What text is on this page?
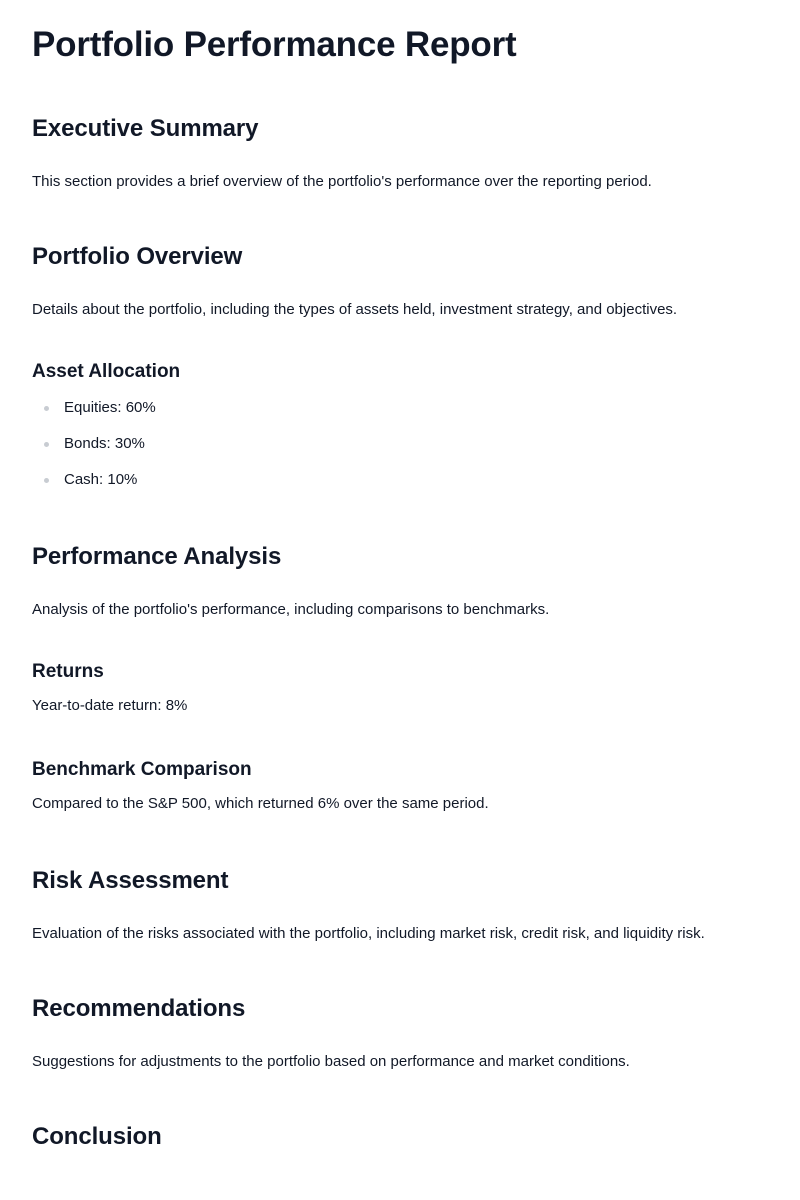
Portfolio Performance Report
Executive Summary

This section provides a brief overview of the portfolio's performance over the reporting period.

Portfolio Overview

Details about the portfolio, including the types of assets held, investment strategy, and objectives.

Asset Allocation
Equities: 60%
Bonds: 30%
Cash: 10%
Performance Analysis

Analysis of the portfolio's performance, including comparisons to benchmarks.

Returns

Year-to-date return: 8%

Benchmark Comparison

Compared to the S&P 500, which returned 6% over the same period.

Risk Assessment

Evaluation of the risks associated with the portfolio, including market risk, credit risk, and liquidity risk.

Recommendations

Suggestions for adjustments to the portfolio based on performance and market conditions.

Conclusion
